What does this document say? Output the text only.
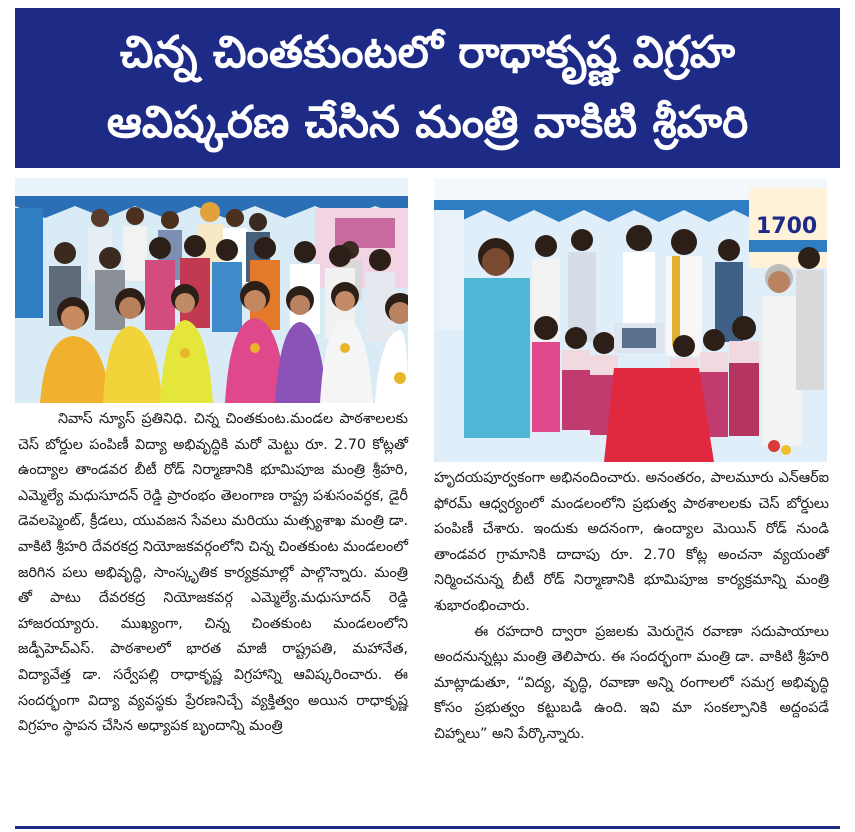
చిన్న చింతకుంటలో రాధాకృష్ణ విగ్రహ
ఆవిష్కరణ చేసిన మంత్రి వాకిటి శ్రీహరి
1700

నివాస్ న్యూస్ ప్రతినిధి. చిన్న చింతకుంట.మండల పాఠశాలలకు చెస్ బోర్డుల పంపిణీ విద్యా అభివృద్ధికి మరో మెట్టు రూ. 2.70 కోట్లతో ఉంద్యాల తాండవర బీటీ రోడ్ నిర్మాణానికి భూమిపూజ మంత్రి శ్రీహరి, ఎమ్మెల్యే మధుసూదన్ రెడ్డి ప్రారంభం తెలంగాణ రాష్ట్ర పశుసంవర్ధక, డైరీ డెవలప్మెంట్, క్రీడలు, యువజన సేవలు మరియు మత్స్యశాఖ మంత్రి డా. వాకిటి శ్రీహరి దేవరకద్ర నియోజకవర్గంలోని చిన్న చింతకుంట మండలంలో జరిగిన పలు అభివృద్ధి, సాంస్కృతిక కార్యక్రమాల్లో పాల్గొన్నారు. మంత్రి తో పాటు దేవరకద్ర నియోజకవర్గ ఎమ్మెల్యే.మధుసూదన్ రెడ్డి హాజరయ్యారు. ముఖ్యంగా, చిన్న చింతకుంట మండలంలోని జడ్పీహెచ్ఎస్. పాఠశాలలో భారత మాజీ రాష్ట్రపతి, మహానేత, విద్యావేత్త డా. సర్వేపల్లి రాధాకృష్ణ విగ్రహాన్ని ఆవిష్కరించారు. ఈ సందర్భంగా విద్యా వ్యవస్థకు ప్రేరణనిచ్చే వ్యక్తిత్వం అయిన రాధాకృష్ణ విగ్రహం స్థాపన చేసిన అధ్యాపక బృందాన్ని మంత్రి

హృదయపూర్వకంగా అభినందించారు. అనంతరం, పాలమూరు ఎన్ఆర్ఐ ఫోరమ్ ఆధ్వర్యంలో మండలంలోని ప్రభుత్వ పాఠశాలలకు చెస్ బోర్డులు పంపిణీ చేశారు. ఇందుకు అదనంగా, ఉంద్యాల మెయిన్ రోడ్ నుండి తాండవర గ్రామానికి దాదాపు రూ. 2.70 కోట్ల అంచనా వ్యయంతో నిర్మించనున్న బీటీ రోడ్ నిర్మాణానికి భూమిపూజ కార్యక్రమాన్ని మంత్రి శుభారంభించారు.

ఈ రహదారి ద్వారా ప్రజలకు మెరుగైన రవాణా సదుపాయాలు అందనున్నట్లు మంత్రి తెలిపారు. ఈ సందర్భంగా మంత్రి డా. వాకిటి శ్రీహరి మాట్లాడుతూ, “విద్య, వృద్ధి, రవాణా అన్ని రంగాలలో సమగ్ర అభివృద్ధి కోసం ప్రభుత్వం కట్టుబడి ఉంది. ఇవి మా సంకల్పానికి అద్దంపడే చిహ్నాలు” అని పేర్కొన్నారు.
